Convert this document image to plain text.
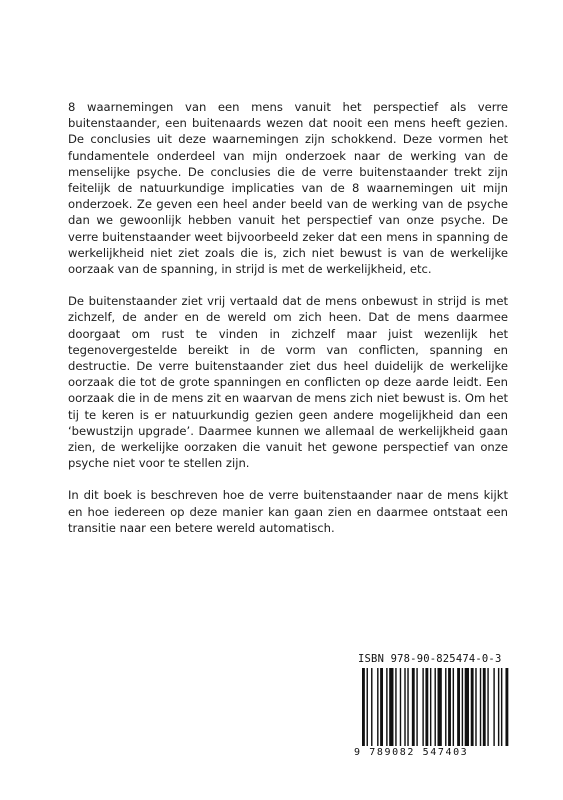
8 waarnemingen van een mens vanuit het perspectief als verre buitenstaander, een buitenaards wezen dat nooit een mens heeft gezien. De conclusies uit deze waarnemingen zijn schokkend. Deze vormen het fundamentele onderdeel van mijn onderzoek naar de werking van de menselijke psyche. De conclusies die de verre buitenstaander trekt zijn feitelijk de natuurkundige implicaties van de 8 waarnemingen uit mijn onderzoek. Ze geven een heel ander beeld van de werking van de psyche dan we gewoonlijk hebben vanuit het perspectief van onze psyche. De verre buitenstaander weet bijvoorbeeld zeker dat een mens in spanning de werkelijkheid niet ziet zoals die is, zich niet bewust is van de werkelijke oorzaak van de spanning, in strijd is met de werkelijkheid, etc.

De buitenstaander ziet vrij vertaald dat de mens onbewust in strijd is met zichzelf, de ander en de wereld om zich heen. Dat de mens daarmee doorgaat om rust te vinden in zichzelf maar juist wezenlijk het tegenovergestelde bereikt in de vorm van conflicten, spanning en destructie. De verre buitenstaander ziet dus heel duidelijk de werkelijke oorzaak die tot de grote spanningen en conflicten op deze aarde leidt. Een oorzaak die in de mens zit en waarvan de mens zich niet bewust is. Om het tij te keren is er natuurkundig gezien geen andere mogelijkheid dan een ‘bewustzijn upgrade’. Daarmee kunnen we allemaal de werkelijkheid gaan zien, de werkelijke oorzaken die vanuit het gewone perspectief van onze psyche niet voor te stellen zijn.

In dit boek is beschreven hoe de verre buitenstaander naar de mens kijkt en hoe iedereen op deze manier kan gaan zien en daarmee ontstaat een transitie naar een betere wereld automatisch.

ISBN 978-90-825474-0-3
9 789082 547403
